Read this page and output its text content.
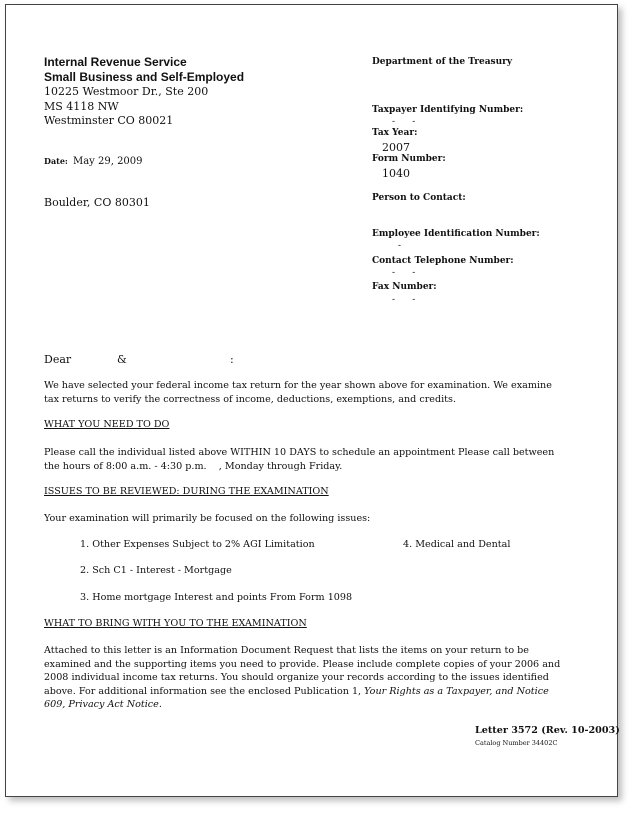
Internal Revenue Service
Small Business and Self-Employed
10225 Westmoor Dr., Ste 200
MS 4118 NW
Westminster CO 80021
Date: May 29, 2009
Boulder, CO 80301
Department of the Treasury
Taxpayer Identifying Number:
-      -
Tax Year:
2007
Form Number:
1040
Person to Contact:
Employee Identification Number:
-
Contact Telephone Number:
-      -
Fax Number:
-      -
Dear	&	:
We have selected your federal income tax return for the year shown above for examination. We examine tax returns to verify the correctness of income, deductions, exemptions, and credits.
WHAT YOU NEED TO DO
Please call the individual listed above WITHIN 10 DAYS to schedule an appointment Please call between the hours of 8:00 a.m. - 4:30 p.m.    , Monday through Friday.
ISSUES TO BE REVIEWED: DURING THE EXAMINATION
Your examination will primarily be focused on the following issues:
1. Other Expenses Subject to 2% AGI Limitation
2. Sch C1 - Interest - Mortgage
3. Home mortgage Interest and points From Form 1098
4. Medical and Dental
WHAT TO BRING WITH YOU TO THE EXAMINATION
Attached to this letter is an Information Document Request that lists the items on your return to be examined and the supporting items you need to provide. Please include complete copies of your 2006 and 2008 individual income tax returns. You should organize your records according to the issues identified above. For additional information see the enclosed Publication 1, Your Rights as a Taxpayer, and Notice 609, Privacy Act Notice.
Letter 3572 (Rev. 10-2003)
Catalog Number 34402C
